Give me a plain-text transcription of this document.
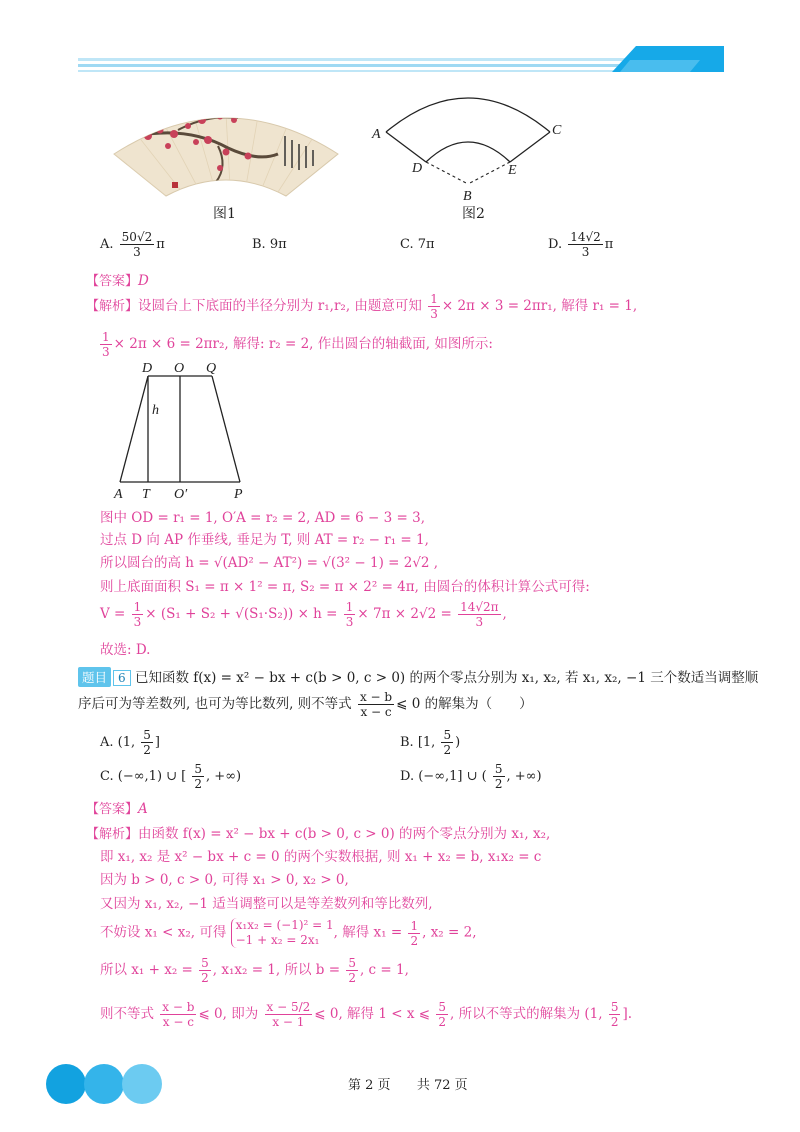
图1
A	C
D	E
B
图2
A. $\frac{50√2}{3}$ π	B. 9π	C. 7π	D. $\frac{14√2}{3}$ π
【答案】D
【解析】设圆台上下底面的半径分别为 r₁,r₂, 由题意可知 $\frac{1}{3} \times 2\pi \times 3 = 2\pi r_1$, 解得 r₁ = 1,
$\frac{1}{3} \times 2\pi \times 6 = 2\pi r_2$, 解得: r₂ = 2, 作出圆台的轴截面, 如图所示:
D O Q
h
A T O′	P
图中 OD = r₁ = 1, O′A = r₂ = 2, AD = 6 − 3 = 3,
过点 D 向 AP 作垂线, 垂足为 T, 则 AT = r₂ − r₁ = 1,
所以圆台的高 h = √(AD² − AT²) = √(3² − 1) = 2√2 ,
则上底面面积 S₁ = π × 1² = π, S₂ = π × 2² = 4π, 由圆台的体积计算公式可得:
$V = \frac{1}{3} \times (S_1 + S_2 + √(S_1\cdot S_2)) \times h = \frac{1}{3} \times 7\pi \times 2√2 = \frac{14√2\pi}{3}$ ,
故选: D.
题目 6 已知函数 f(x) = x² − bx + c(b > 0, c > 0) 的两个零点分别为 x₁, x₂, 若 x₁, x₂, −1 三个数适当调整顺
序后可为等差数列, 也可为等比数列, 则不等式 $\frac{x - b}{x - c}$ ⩽ 0 的解集为（　　）
A. (1, $\frac{5}{2}$ ]	B. [1, $\frac{5}{2}$ )
C. (−∞,1) ∪ [ $\frac{5}{2}$ , +∞)	D. (−∞,1] ∪ ( $\frac{5}{2}$ , +∞)
【答案】A
【解析】由函数 f(x) = x² − bx + c(b > 0, c > 0) 的两个零点分别为 x₁, x₂,
即 x₁, x₂ 是 x² − bx + c = 0 的两个实数根据, 则 x₁ + x₂ = b, x₁x₂ = c
因为 b > 0, c > 0, 可得 x₁ > 0, x₂ > 0,
又因为 x₁, x₂, −1 适当调整可以是等差数列和等比数列,
不妨设 x₁ < x₂, 可得 x₁x₂ = (−1)² = 1
−1 + x₂ = 2x₁	, 解得 $x_1 = \frac{1}{2}$ , x₂ = 2,
所以 $x_1 + x_2 = \frac{5}{2}$ , x₁x₂ = 1, 所以 $b = \frac{5}{2}$ , c = 1,
则不等式 $\frac{x - b}{x - c}$ ⩽ 0, 即为 $\frac{x - 5/2}{x - 1}$ ⩽ 0, 解得 1 < x ⩽ $\frac{5}{2}$ , 所以不等式的解集为 (1, $\frac{5}{2}$ ].
第 2 页 共 72 页
